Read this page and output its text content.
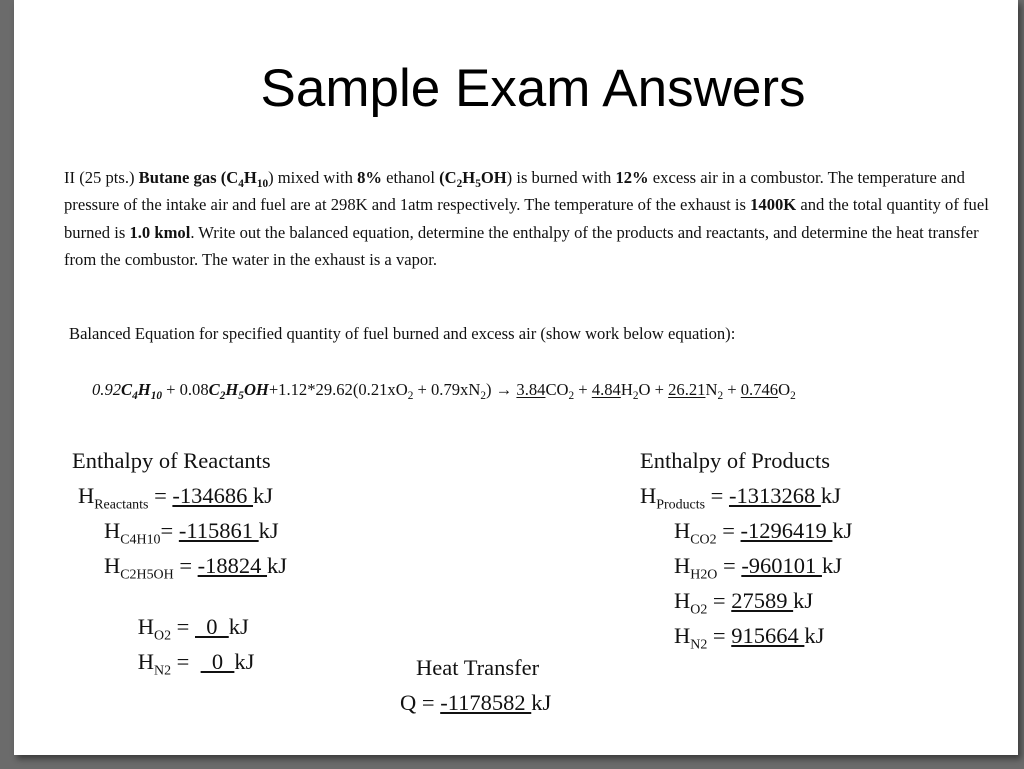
Sample Exam Answers
II (25 pts.) Butane gas $(C_4H_{10})$ mixed with 8% ethanol $(C_2H_5OH)$ is burned with 12% excess air in a combustor. The temperature and pressure of the intake air and fuel are at 298K and 1atm respectively. The temperature of the exhaust is 1400K and the total quantity of fuel burned is 1.0 kmol. Write out the balanced equation, determine the enthalpy of the products and reactants, and determine the heat transfer from the combustor. The water in the exhaust is a vapor.
Balanced Equation for specified quantity of fuel burned and excess air (show work below equation):
$0.92C_4H_{10} + 0.08C_2H_5OH+1.12*29.62(0.21xO_2 + 0.79xN_2) \to 3.84CO_2 + 4.84H_2O + 26.21N_2 + 0.746O_2$
Enthalpy of Reactants
$H_{Reactants} = -134686$ kJ
$H_{C4H10}= -115861$ kJ
$H_{C2H5OH} = -18824$ kJ

$H_{O2} = 0$  kJ

$H_{N2}$ =    0  kJ

Enthalpy of Products
$H_{Products} = -1313268$ kJ
$H_{CO2} = -1296419$ kJ
$H_{H2O} = -960101$ kJ
$H_{O2} = 27589$ kJ
$H_{N2} = 915664$ kJ
Heat Transfer
Q = -1178582 kJ
